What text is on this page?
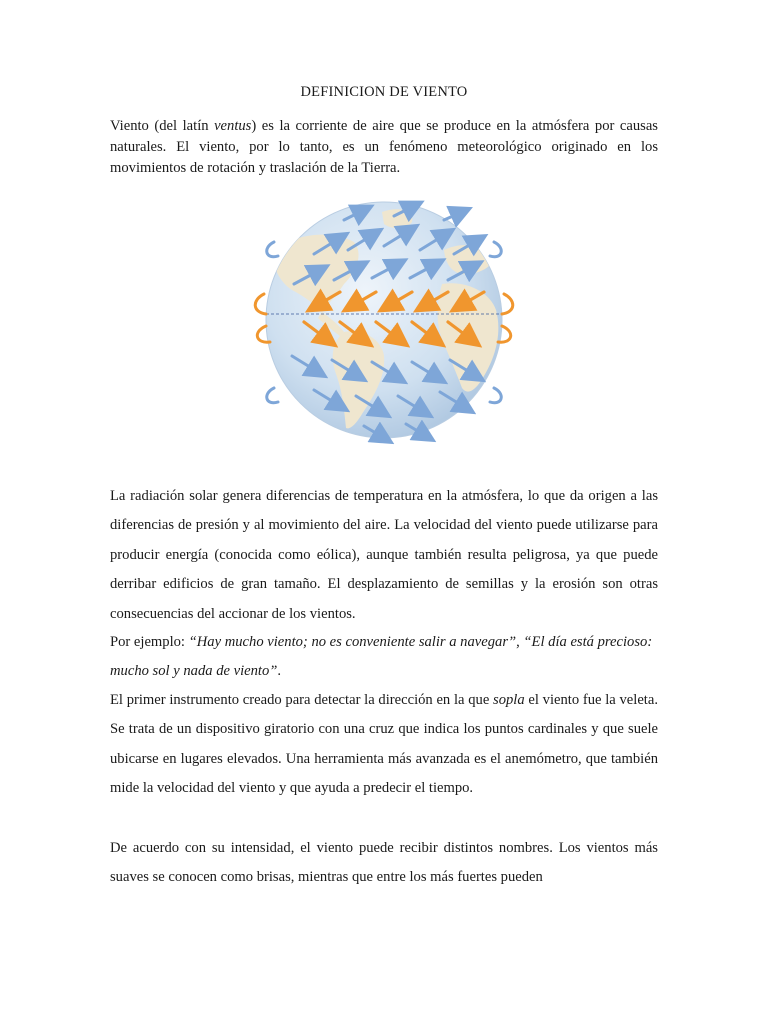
DEFINICION DE VIENTO

Viento (del latín ventus) es la corriente de aire que se produce en la atmósfera por causas naturales. El viento, por lo tanto, es un fenómeno meteorológico originado en los movimientos de rotación y traslación de la Tierra.

La radiación solar genera diferencias de temperatura en la atmósfera, lo que da origen a las diferencias de presión y al movimiento del aire. La velocidad del viento puede utilizarse para producir energía (conocida como eólica), aunque también resulta peligrosa, ya que puede derribar edificios de gran tamaño. El desplazamiento de semillas y la erosión son otras consecuencias del accionar de los vientos.

Por ejemplo: “Hay mucho viento; no es conveniente salir a navegar”, “El día está precioso: mucho sol y nada de viento”.

El primer instrumento creado para detectar la dirección en la que sopla el viento fue la veleta. Se trata de un dispositivo giratorio con una cruz que indica los puntos cardinales y que suele ubicarse en lugares elevados. Una herramienta más avanzada es el anemómetro, que también mide la velocidad del viento y que ayuda a predecir el tiempo.

De acuerdo con su intensidad, el viento puede recibir distintos nombres. Los vientos más suaves se conocen como brisas, mientras que entre los más fuertes pueden
